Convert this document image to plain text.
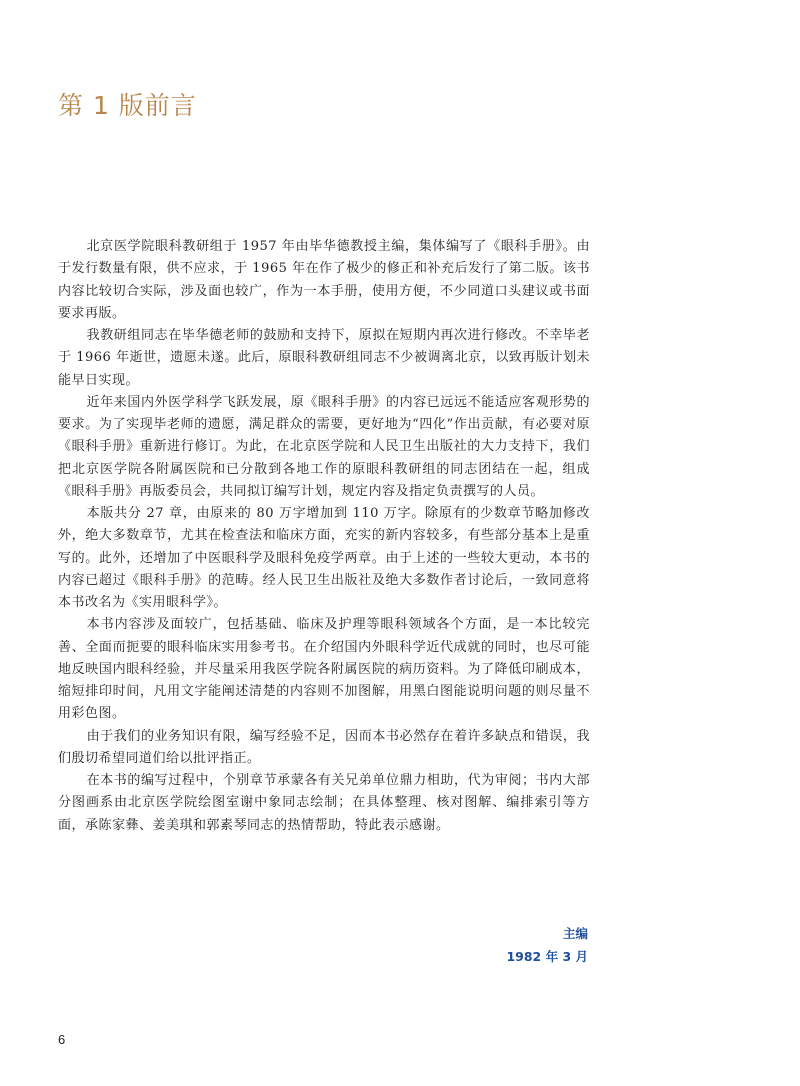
第 1 版前言

北京医学院眼科教研组于 1957 年由毕华德教授主编，集体编写了《眼科手册》。由于发行数量有限，供不应求，于 1965 年在作了极少的修正和补充后发行了第二版。该书内容比较切合实际，涉及面也较广，作为一本手册，使用方便，不少同道口头建议或书面要求再版。

我教研组同志在毕华德老师的鼓励和支持下，原拟在短期内再次进行修改。不幸毕老于 1966 年逝世，遗愿未遂。此后，原眼科教研组同志不少被调离北京，以致再版计划未能早日实现。

近年来国内外医学科学飞跃发展，原《眼科手册》的内容已远远不能适应客观形势的要求。为了实现毕老师的遗愿，满足群众的需要，更好地为“四化”作出贡献，有必要对原《眼科手册》重新进行修订。为此，在北京医学院和人民卫生出版社的大力支持下，我们把北京医学院各附属医院和已分散到各地工作的原眼科教研组的同志团结在一起，组成《眼科手册》再版委员会，共同拟订编写计划，规定内容及指定负责撰写的人员。

本版共分 27 章，由原来的 80 万字增加到 110 万字。除原有的少数章节略加修改外，绝大多数章节，尤其在检查法和临床方面，充实的新内容较多，有些部分基本上是重写的。此外，还增加了中医眼科学及眼科免疫学两章。由于上述的一些较大更动，本书的内容已超过《眼科手册》的范畴。经人民卫生出版社及绝大多数作者讨论后，一致同意将本书改名为《实用眼科学》。

本书内容涉及面较广，包括基础、临床及护理等眼科领域各个方面，是一本比较完善、全面而扼要的眼科临床实用参考书。在介绍国内外眼科学近代成就的同时，也尽可能地反映国内眼科经验，并尽量采用我医学院各附属医院的病历资料。为了降低印刷成本，缩短排印时间，凡用文字能阐述清楚的内容则不加图解，用黑白图能说明问题的则尽量不用彩色图。

由于我们的业务知识有限，编写经验不足，因而本书必然存在着许多缺点和错误，我们殷切希望同道们给以批评指正。

在本书的编写过程中，个别章节承蒙各有关兄弟单位鼎力相助，代为审阅；书内大部分图画系由北京医学院绘图室谢中象同志绘制；在具体整理、核对图解、编排索引等方面，承陈家彝、姜美琪和郭素琴同志的热情帮助，特此表示感谢。

主编
1982 年 3 月
6
